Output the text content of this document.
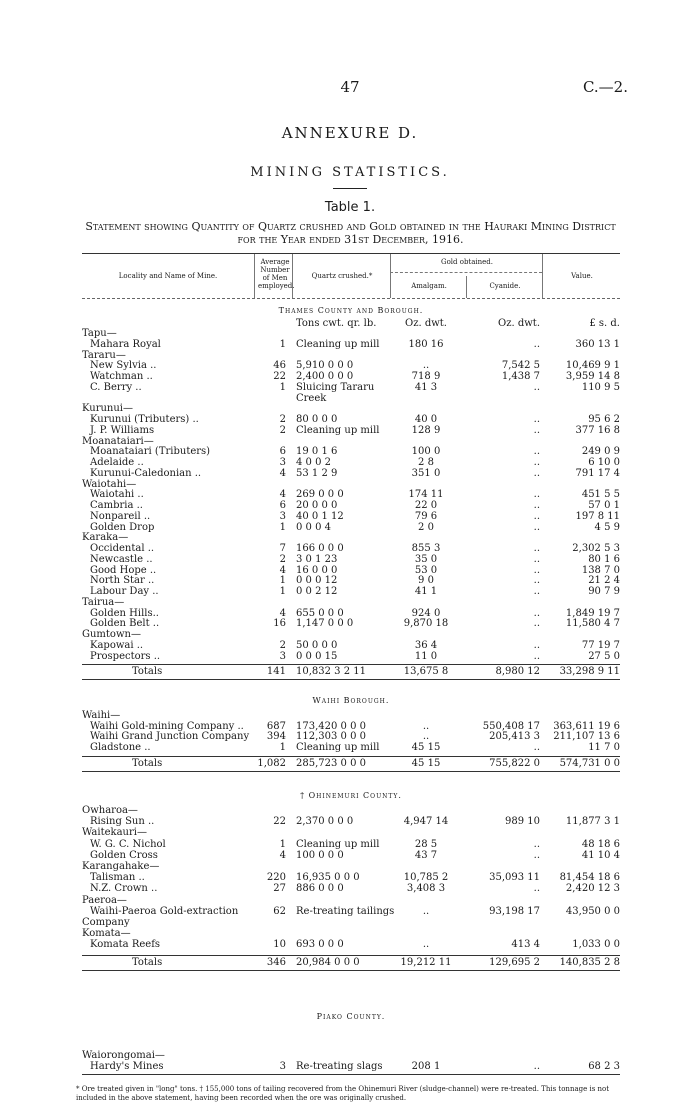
47	C.—2.
ANNEXURE D.
MINING STATISTICS.
Table 1.
Statement showing Quantity of Quartz crushed and Gold obtained in the Hauraki Mining District for the Year ended 31st December, 1916.
Locality and Name of Mine.
Average Number of Men employed.
Quartz crushed.*
Gold obtained.
Amalgam.	Cyanide.
Value.
Thames County and Borough.
Tons cwt. qr. lb.	Oz. dwt.	Oz. dwt.	£ s. d.
Tapu—
Mahara Royal	1 Cleaning up mill	180 16	..	360 13 1
Tararu—
New Sylvia ..	46 5,910 0 0 0	..	7,542 5	10,469 9 1
Watchman ..	22 2,400 0 0 0	718 9	1,438 7	3,959 14 8
C. Berry ..	1 Sluicing Tararu	41 3	..	110 9 5
Creek
Kurunui—
Kurunui (Tributers) ..	2 80 0 0 0	40 0	..	95 6 2
J. P. Williams	2 Cleaning up mill	128 9	..	377 16 8
Moanataiari—
Moanataiari (Tributers)	6 19 0 1 6	100 0	..	249 0 9
Adelaide ..	3 4 0 0 2	2 8	..	6 10 0
Kurunui-Caledonian ..	4 53 1 2 9	351 0	..	791 17 4
Waiotahi—
Waiotahi ..	4 269 0 0 0	174 11	..	451 5 5
Cambria ..	6 20 0 0 0	22 0	..	57 0 1
Nonpareil ..	3 40 0 1 12	79 6	..	197 8 11
Golden Drop	1 0 0 0 4	2 0	..	4 5 9
Karaka—
Occidental ..	7 166 0 0 0	855 3	..	2,302 5 3
Newcastle ..	2 3 0 1 23	35 0	..	80 1 6
Good Hope ..	4 16 0 0 0	53 0	..	138 7 0
North Star ..	1 0 0 0 12	9 0	..	21 2 4
Labour Day ..	1 0 0 2 12	41 1	..	90 7 9
Tairua—
Golden Hills..	4 655 0 0 0	924 0	..	1,849 19 7
Golden Belt ..	16 1,147 0 0 0	9,870 18	..	11,580 4 7
Gumtown—
Kapowai ..	2 50 0 0 0	36 4	..	77 19 7
Prospectors ..	3 0 0 0 15	11 0	..	27 5 0
Totals	141 10,832 3 2 11	13,675 8	8,980 12	33,298 9 11
Waihi Borough.
Waihi—
Waihi Gold-mining Company ..	687 173,420 0 0 0	..	550,408 17	363,611 19 6
Waihi Grand Junction Company	394 112,303 0 0 0	..	205,413 3	211,107 13 6
Gladstone ..	1 Cleaning up mill	45 15	..	11 7 0
Totals	1,082 285,723 0 0 0	45 15	755,822 0	574,731 0 0
† Ohinemuri County.
Owharoa—
Rising Sun ..	22 2,370 0 0 0	4,947 14	989 10	11,877 3 1
Waitekauri—
W. G. C. Nichol	1 Cleaning up mill	28 5	..	48 18 6
Golden Cross	4 100 0 0 0	43 7	..	41 10 4
Karangahake—
Talisman ..	220 16,935 0 0 0	10,785 2	35,093 11	81,454 18 6
N.Z. Crown ..	27 886 0 0 0	3,408 3	..	2,420 12 3
Paeroa—
Waihi-Paeroa Gold-extraction	62 Re-treating tailings	..	93,198 17	43,950 0 0
Company
Komata—
Komata Reefs	10 693 0 0 0	..	413 4	1,033 0 0
Totals	346 20,984 0 0 0	19,212 11	129,695 2	140,835 2 8
Piako County.
Waiorongomai—
Hardy's Mines	3 Re-treating slags	208 1	..	68 2 3
* Ore treated given in "long" tons. † 155,000 tons of tailing recovered from the Ohinemuri River (sludge-channel) were re-treated. This tonnage is not included in the above statement, having been recorded when the ore was originally crushed.
